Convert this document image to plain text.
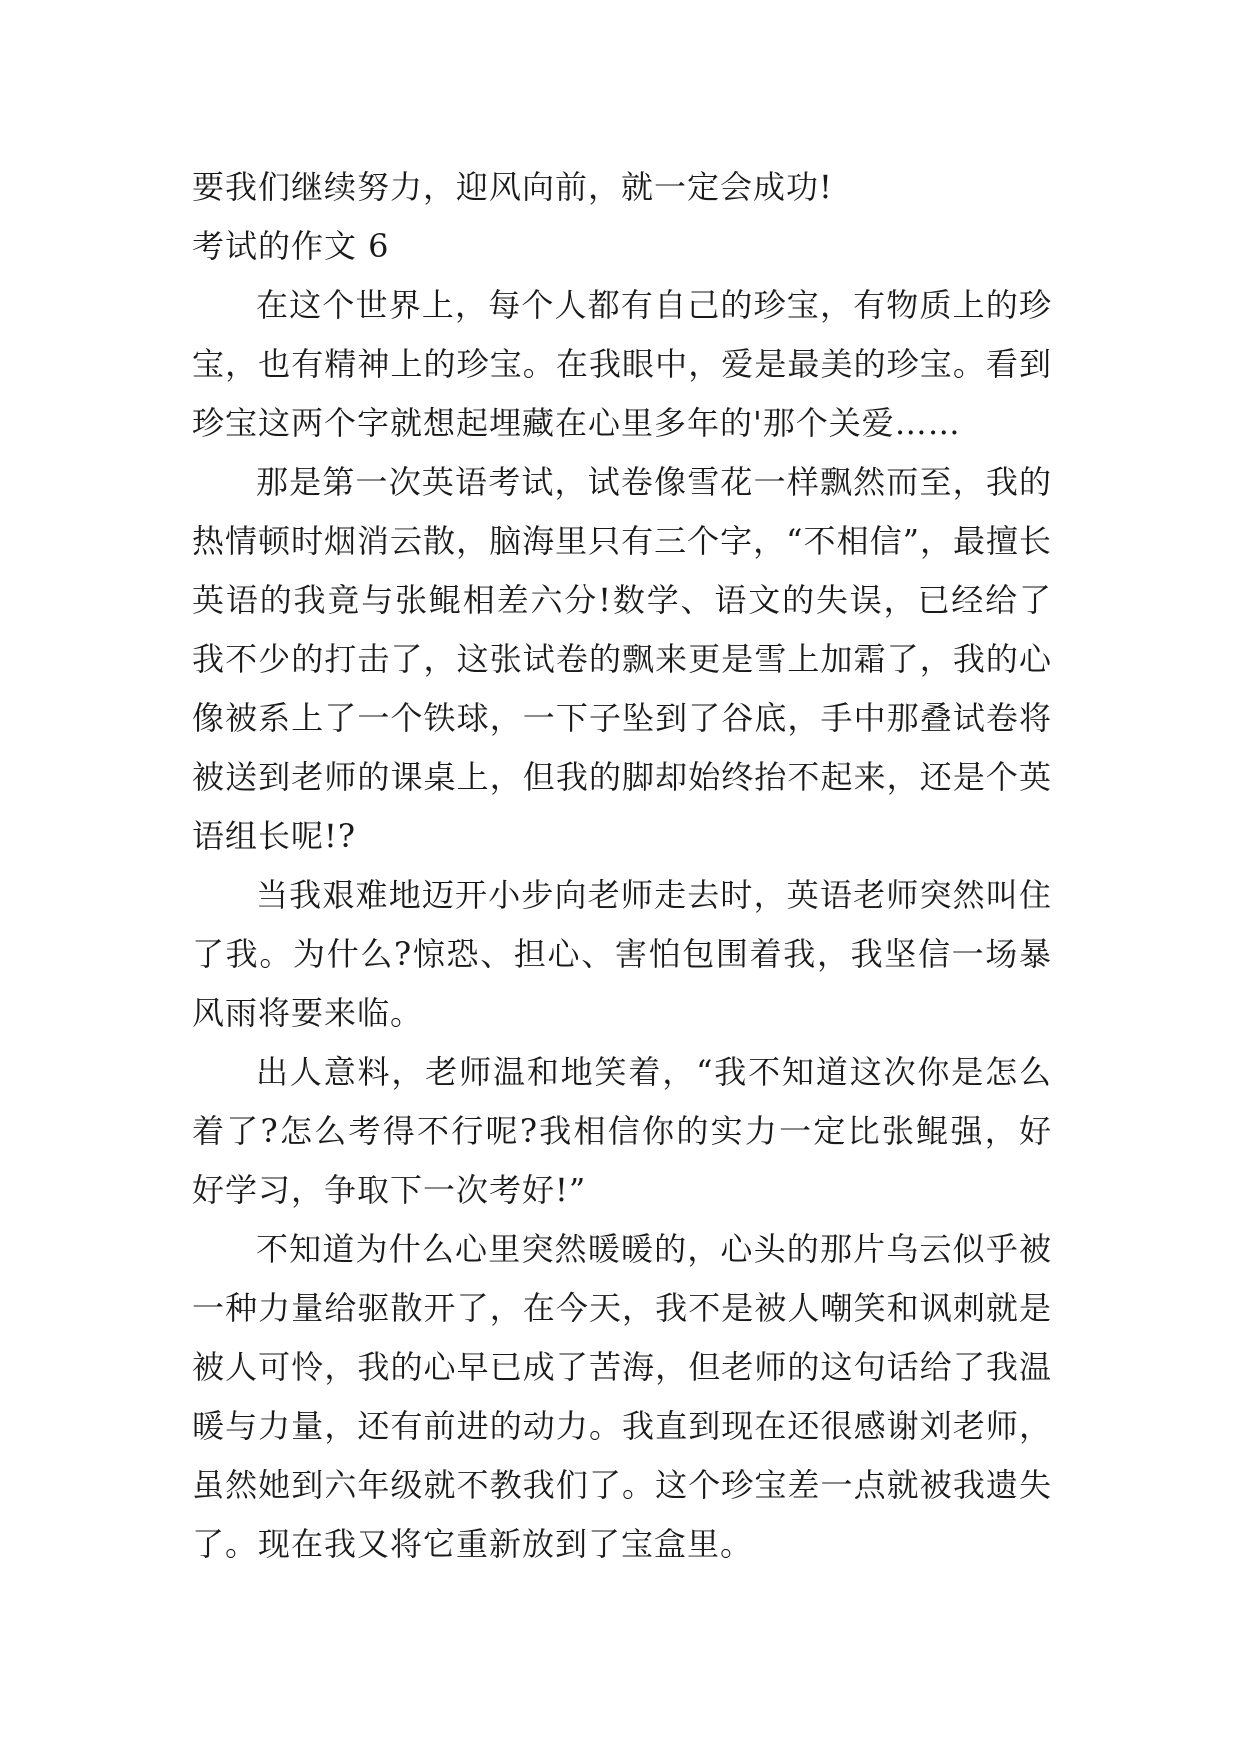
要我们继续努力，迎风向前，就一定会成功!

考试的作文 6

在这个世界上，每个人都有自己的珍宝，有物质上的珍宝，也有精神上的珍宝。在我眼中，爱是最美的珍宝。看到珍宝这两个字就想起埋藏在心里多年的'那个关爱……

那是第一次英语考试，试卷像雪花一样飘然而至，我的热情顿时烟消云散，脑海里只有三个字，“不相信”，最擅长英语的我竟与张鲲相差六分!数学、语文的失误，已经给了我不少的打击了，这张试卷的飘来更是雪上加霜了，我的心像被系上了一个铁球，一下子坠到了谷底，手中那叠试卷将被送到老师的课桌上，但我的脚却始终抬不起来，还是个英语组长呢!?

当我艰难地迈开小步向老师走去时，英语老师突然叫住了我。为什么?惊恐、担心、害怕包围着我，我坚信一场暴风雨将要来临。

出人意料，老师温和地笑着，“我不知道这次你是怎么着了?怎么考得不行呢?我相信你的实力一定比张鲲强，好好学习，争取下一次考好!”

不知道为什么心里突然暖暖的，心头的那片乌云似乎被一种力量给驱散开了，在今天，我不是被人嘲笑和讽刺就是被人可怜，我的心早已成了苦海，但老师的这句话给了我温暖与力量，还有前进的动力。我直到现在还很感谢刘老师，虽然她到六年级就不教我们了。这个珍宝差一点就被我遗失了。现在我又将它重新放到了宝盒里。
